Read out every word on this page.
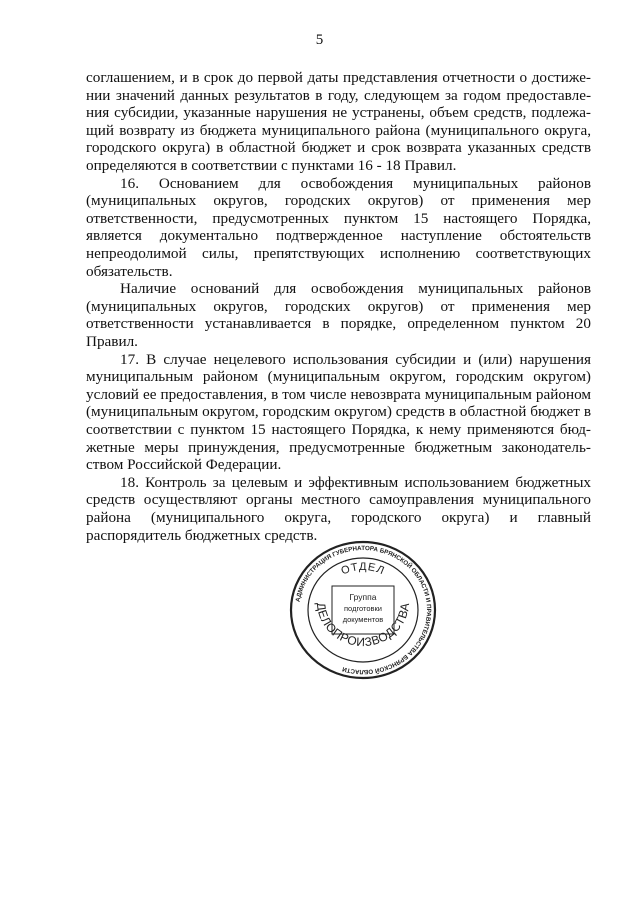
5
соглашением, и в срок до первой даты представления отчетности о достиже-
нии значений данных результатов в году, следующем за годом предоставле-
ния субсидии, указанные нарушения не устранены, объем средств, подлежа-
щий возврату из бюджета муниципального района (муниципального округа,
городского округа) в областной бюджет и срок возврата указанных средств
определяются в соответствии с пунктами 16 - 18 Правил.
16. Основанием для освобождения муниципальных районов
(муниципальных округов, городских округов) от применения мер
ответственности, предусмотренных пунктом 15 настоящего Порядка,
является документально подтвержденное наступление обстоятельств
непреодолимой силы, препятствующих исполнению соответствующих
обязательств.
Наличие оснований для освобождения муниципальных районов
(муниципальных округов, городских округов) от применения мер
ответственности устанавливается в порядке, определенном пунктом 20
Правил.
17. В случае нецелевого использования субсидии и (или) нарушения
муниципальным районом (муниципальным округом, городским округом)
условий ее предоставления, в том числе невозврата муниципальным районом
(муниципальным округом, городским округом) средств в областной бюджет в
соответствии с пунктом 15 настоящего Порядка, к нему применяются бюд-
жетные меры принуждения, предусмотренные бюджетным законодатель-
ством Российской Федерации.
18. Контроль за целевым и эффективным использованием бюджетных
средств осуществляют органы местного самоуправления муниципального
района (муниципального округа, городского округа) и главный
распорядитель бюджетных средств.
АДМИНИСТРАЦИЯ ГУБЕРНАТОРА БРЯНСКОЙ ОБЛАСТИ И ПРАВИТЕЛЬСТВА БРЯНСКОЙ ОБЛАСТИ
ОТДЕЛ
ДЕЛОПРОИЗВОДСТВА
Группа
подготовки
документов
